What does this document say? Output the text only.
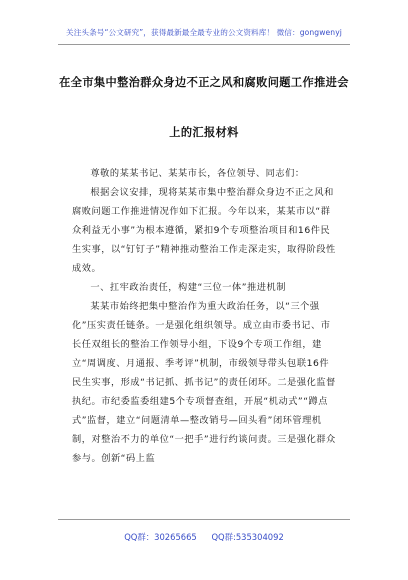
关注头条号“公文研究”，获得最新最全最专业的公文资料库！ 微信：gongwenyj
在全市集中整治群众身边不正之风和腐败问题工作推进会
上的汇报材料

尊敬的某某书记、某某市长，各位领导、同志们：

根据会议安排，现将某某市集中整治群众身边不正之风和腐败问题工作推进情况作如下汇报。今年以来，某某市以“群众利益无小事”为根本遵循，紧扣9个专项整治项目和16件民生实事，以“钉钉子”精神推动整治工作走深走实，取得阶段性成效。

一、扛牢政治责任，构建“三位一体”推进机制

某某市始终把集中整治作为重大政治任务，以“三个强化”压实责任链条。一是强化组织领导。成立由市委书记、市长任双组长的整治工作领导小组，下设9个专项工作组，建立“周调度、月通报、季考评”机制，市级领导带头包联16件民生实事，形成“书记抓、抓书记”的责任闭环。二是强化监督执纪。市纪委监委组建5个专项督查组，开展“机动式”“蹲点式”监督，建立“问题清单—整改销号—回头看”闭环管理机制，对整治不力的单位“一把手”进行约谈问责。三是强化群众参与。创新“码上监

QQ群：30265665 QQ群:535304092
